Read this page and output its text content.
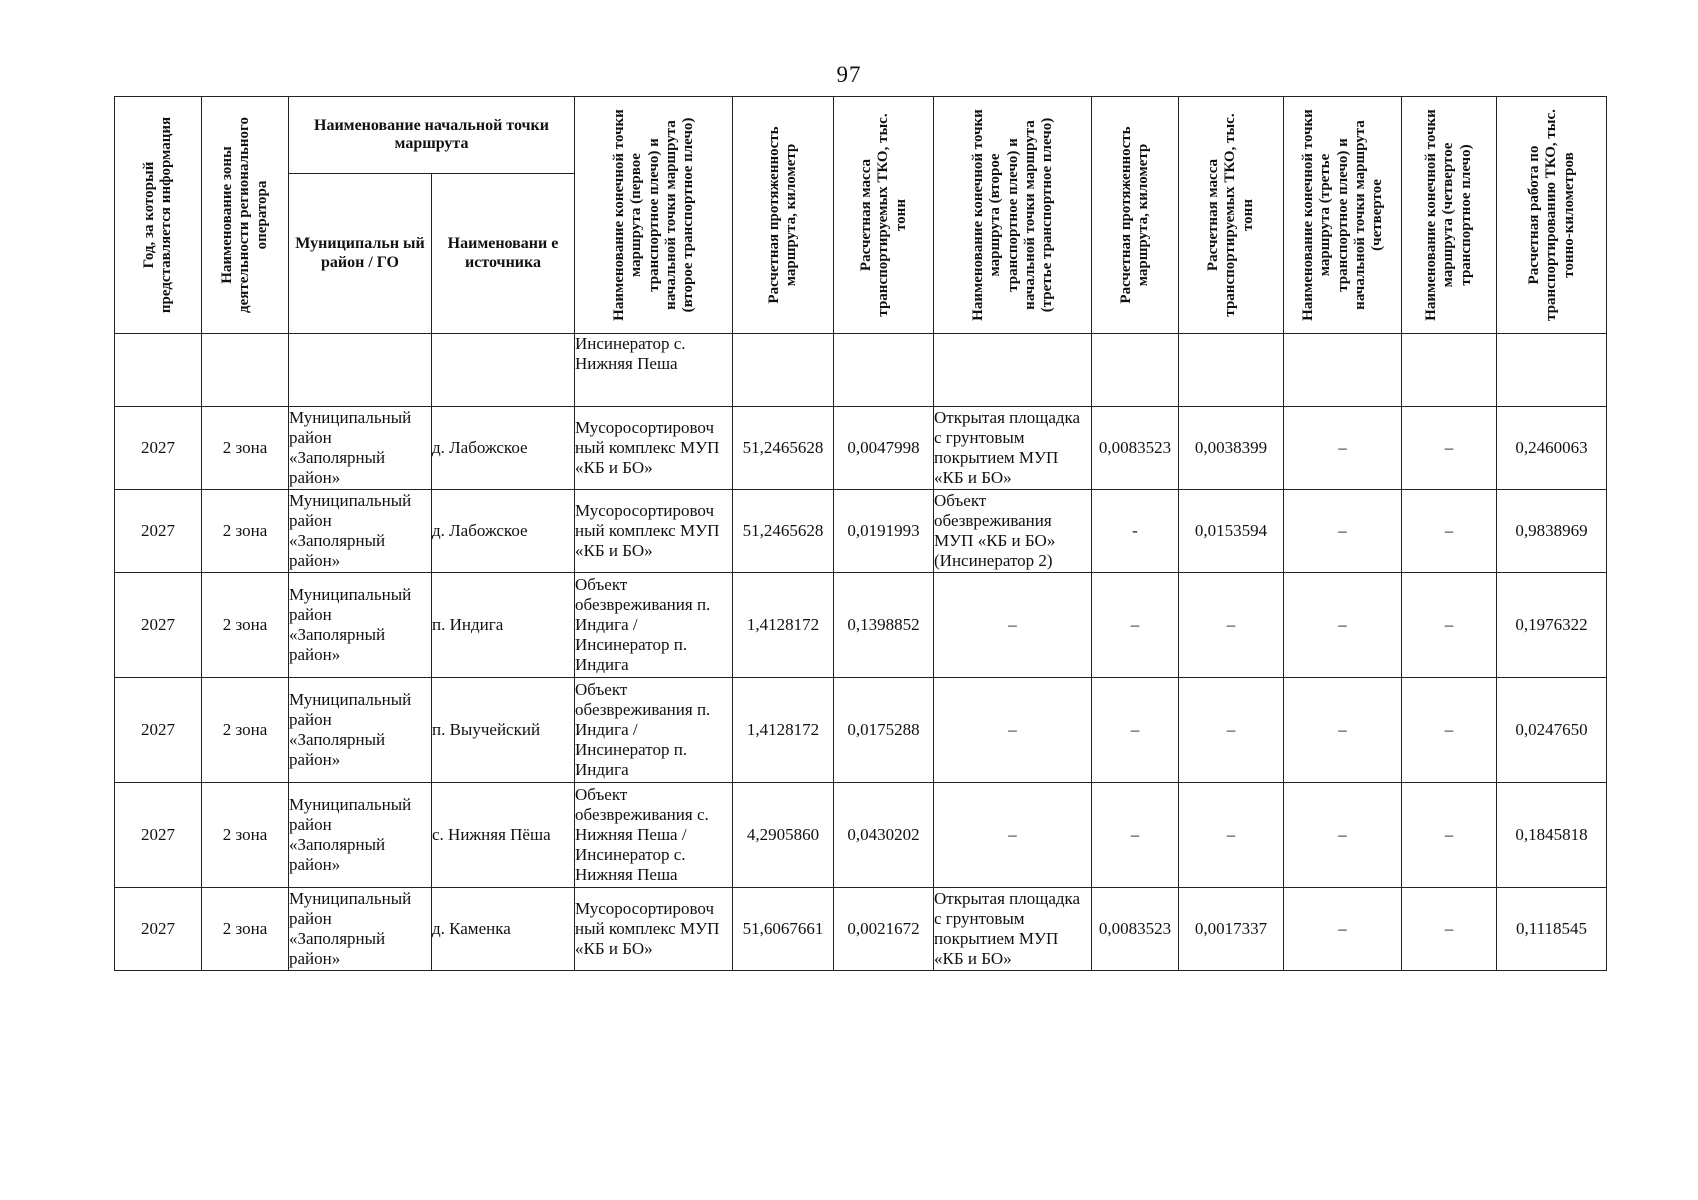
97
Год, за который представляется информация	Наименование зоны деятельности регионального оператора	Наименование начальной точки маршрута		Наименование конечной точки маршрута (первое транспортное плечо) и начальной точки маршрута (второе транспортное плечо)	Расчетная протяженность маршрута, километр	Расчетная масса транспортируемых ТКО, тыс. тонн	Наименование конечной точки маршрута (второе транспортное плечо) и начальной точки маршрута (третье транспортное плечо)	Расчетная протяженность маршрута, километр	Расчетная масса транспортируемых ТКО, тыс. тонн	Наименование конечной точки маршрута (третье транспортное плечо) и начальной точки маршрута (четвертое	Наименование конечной точки маршрута (четвертое транспортное плечо)	Расчетная работа по транспортированию ТКО, тыс. тонно-километров

		Муниципальн ый район / ГО	Наименовани е источника									
				Инсинератор с. Нижняя Пеша								
2027	2 зона	Муниципальный район «Заполярный район»	д. Лабожское	Мусоросортировоч ный комплекс МУП «КБ и БО»	51,2465628	0,0047998	Открытая площадка с грунтовым покрытием МУП «КБ и БО»	0,0083523	0,0038399	–	–	0,2460063
2027	2 зона	Муниципальный район «Заполярный район»	д. Лабожское	Мусоросортировоч ный комплекс МУП «КБ и БО»	51,2465628	0,0191993	Объект обезвреживания МУП «КБ и БО» (Инсинератор 2)	-	0,0153594	–	–	0,9838969
2027	2 зона	Муниципальный район «Заполярный район»	п. Индига	Объект обезвреживания п. Индига / Инсинератор п. Индига	1,4128172	0,1398852	–	–	–	–	–	0,1976322
2027	2 зона	Муниципальный район «Заполярный район»	п. Выучейский	Объект обезвреживания п. Индига / Инсинератор п. Индига	1,4128172	0,0175288	–	–	–	–	–	0,0247650
2027	2 зона	Муниципальный район «Заполярный район»	с. Нижняя Пёша	Объект обезвреживания с. Нижняя Пеша / Инсинератор с. Нижняя Пеша	4,2905860	0,0430202	–	–	–	–	–	0,1845818
2027	2 зона	Муниципальный район «Заполярный район»	д. Каменка	Мусоросортировоч ный комплекс МУП «КБ и БО»	51,6067661	0,0021672	Открытая площадка с грунтовым покрытием МУП «КБ и БО»	0,0083523	0,0017337	–	–	0,1118545
